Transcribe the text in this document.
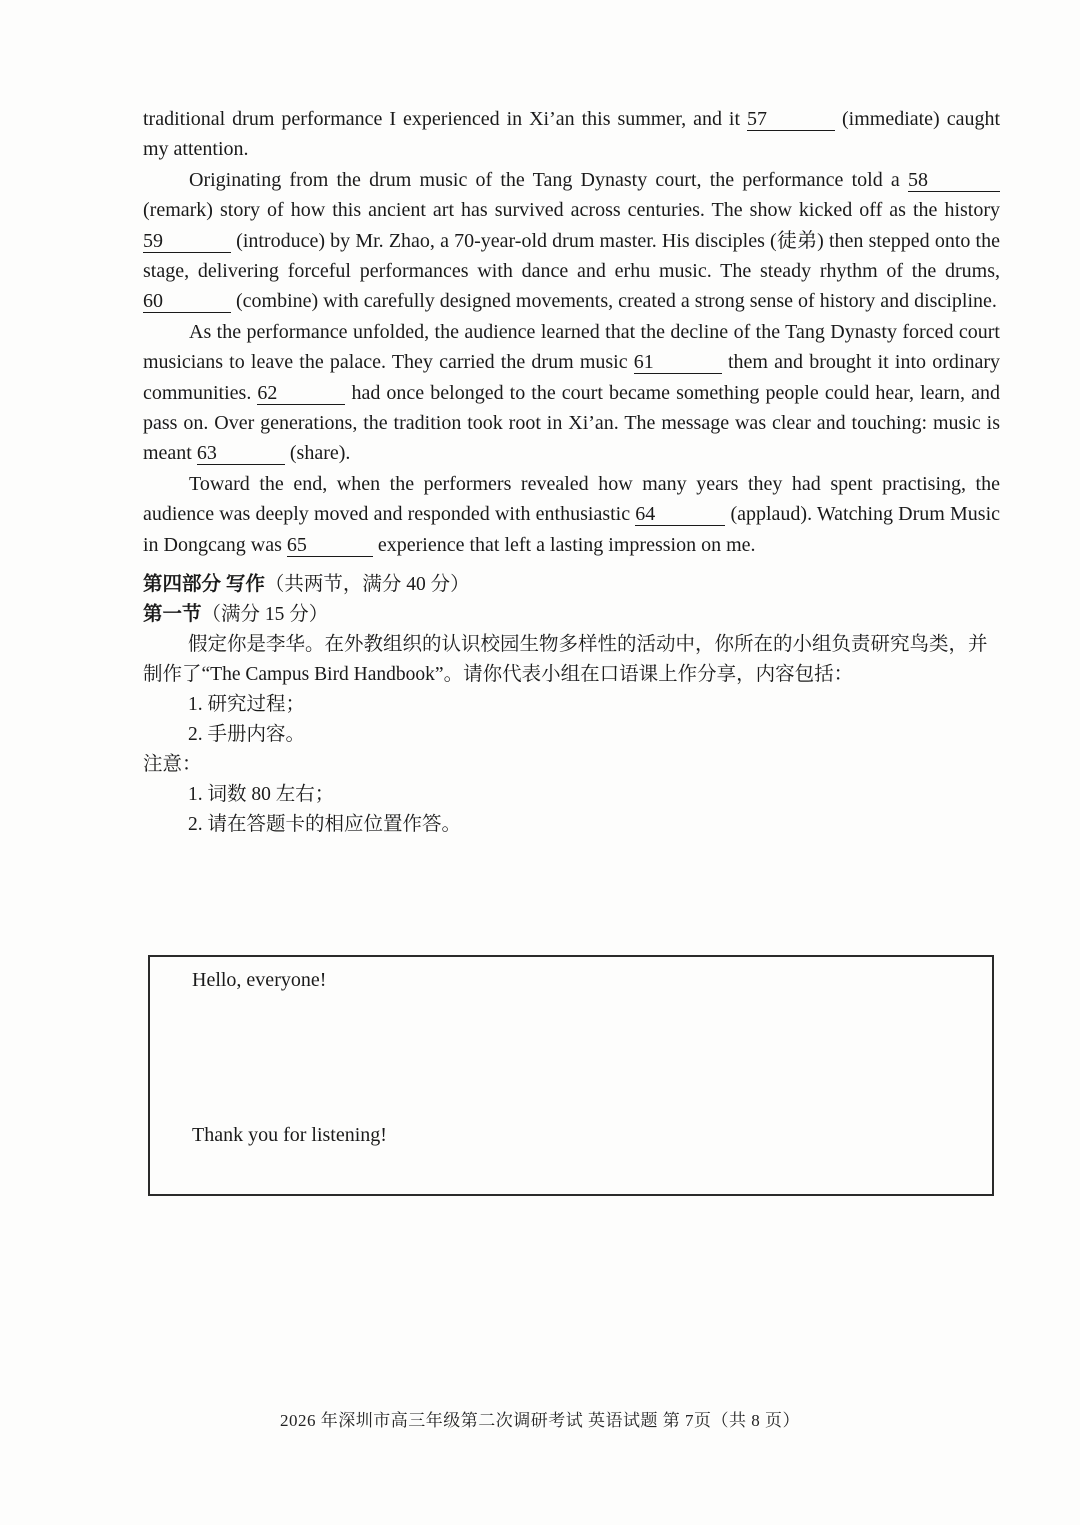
traditional drum performance I experienced in Xi’an this summer, and it 57	(immediate) caught my attention.

Originating from the drum music of the Tang Dynasty court, the performance told a 58 (remark) story of how this ancient art has survived across centuries. The show kicked off as the history 59	(introduce) by Mr. Zhao, a 70-year-old drum master. His disciples (徒弟) then stepped onto the stage, delivering forceful performances with dance and erhu music. The steady rhythm of the drums, 60	(combine) with carefully designed movements, created a strong sense of history and discipline.

As the performance unfolded, the audience learned that the decline of the Tang Dynasty forced court musicians to leave the palace. They carried the drum music 61	them and brought it into ordinary communities. 62	had once belonged to the court became something people could hear, learn, and pass on. Over generations, the tradition took root in Xi’an. The message was clear and touching: music is meant 63	(share).

Toward the end, when the performers revealed how many years they had spent practising, the audience was deeply moved and responded with enthusiastic 64	(applaud). Watching Drum Music in Dongcang was 65	experience that left a lasting impression on me.

第四部分 写作（共两节，满分 40 分）

第一节（满分 15 分）

假定你是李华。在外教组织的认识校园生物多样性的活动中，你所在的小组负责研究鸟类，并制作了“The Campus Bird Handbook”。请你代表小组在口语课上作分享，内容包括：

1. 研究过程；

2. 手册内容。

注意：

1. 词数 80 左右；

2. 请在答题卡的相应位置作答。

Hello, everyone!
Thank you for listening!
2026 年深圳市高三年级第二次调研考试 英语试题 第 7页（共 8 页）
